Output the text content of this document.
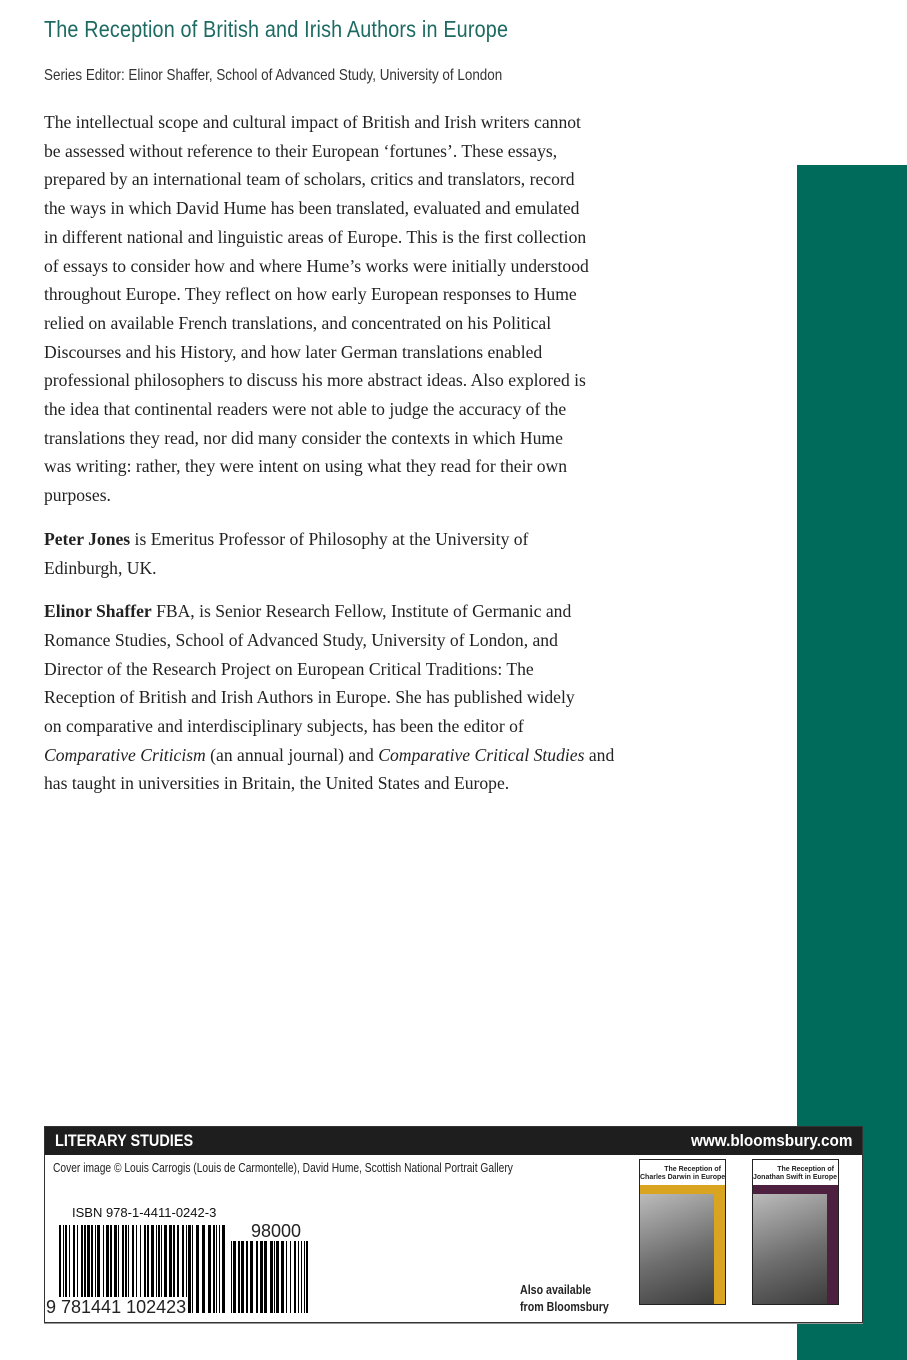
The Reception of British and Irish Authors in Europe
Series Editor: Elinor Shaffer, School of Advanced Study, University of London

The intellectual scope and cultural impact of British and Irish writers cannot
be assessed without reference to their European ‘fortunes’. These essays,
prepared by an international team of scholars, critics and translators, record
the ways in which David Hume has been translated, evaluated and emulated
in different national and linguistic areas of Europe. This is the first collection
of essays to consider how and where Hume’s works were initially understood
throughout Europe. They reflect on how early European responses to Hume
relied on available French translations, and concentrated on his Political
Discourses and his History, and how later German translations enabled
professional philosophers to discuss his more abstract ideas. Also explored is
the idea that continental readers were not able to judge the accuracy of the
translations they read, nor did many consider the contexts in which Hume
was writing: rather, they were intent on using what they read for their own
purposes.

Peter Jones is Emeritus Professor of Philosophy at the University of
Edinburgh, UK.

Elinor Shaffer FBA, is Senior Research Fellow, Institute of Germanic and
Romance Studies, School of Advanced Study, University of London, and
Director of the Research Project on European Critical Traditions: The
Reception of British and Irish Authors in Europe. She has published widely
on comparative and interdisciplinary subjects, has been the editor of
Comparative Criticism (an annual journal) and Comparative Critical Studies and
has taught in universities in Britain, the United States and Europe.

LITERARY STUDIES	www.bloomsbury.com
Cover image © Louis Carrogis (Louis de Carmontelle), David Hume, Scottish National Portrait Gallery
ISBN 978-1-4411-0242-3
98000
9 781441 102423
Also available
from Bloomsbury
The Reception of
Charles Darwin in Europe
The Reception of
Jonathan Swift in Europe
